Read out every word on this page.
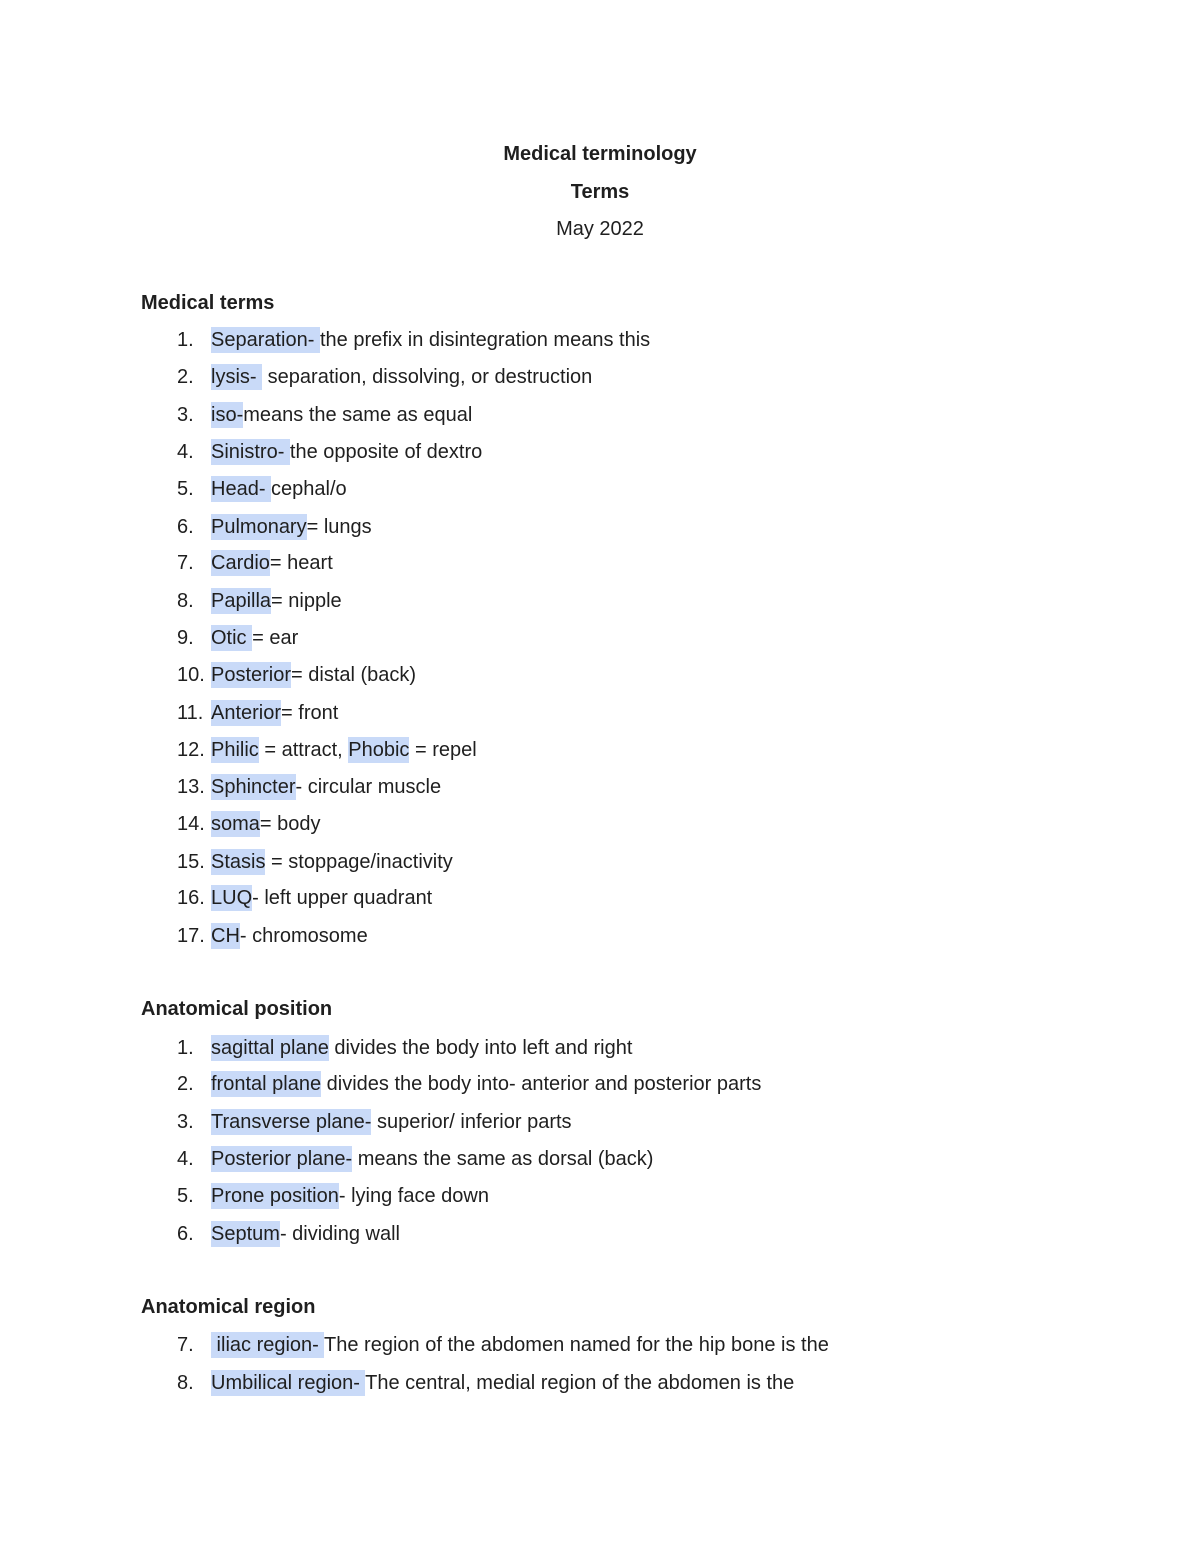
Medical terminology
Terms
May 2022
Medical terms
1. Separation- the prefix in disintegration means this
2. lysis-  separation, dissolving, or destruction
3. iso-means the same as equal
4. Sinistro- the opposite of dextro
5. Head- cephal/o
6. Pulmonary= lungs
7. Cardio= heart
8. Papilla= nipple
9. Otic = ear
10. Posterior= distal (back)
11. Anterior= front
12. Philic = attract, Phobic = repel
13. Sphincter- circular muscle
14. soma= body
15. Stasis = stoppage/inactivity
16. LUQ- left upper quadrant
17. CH- chromosome
Anatomical position
1. sagittal plane divides the body into left and right
2. frontal plane divides the body into- anterior and posterior parts
3. Transverse plane- superior/ inferior parts
4. Posterior plane- means the same as dorsal (back)
5. Prone position- lying face down
6. Septum- dividing wall
Anatomical region
7. iliac region- The region of the abdomen named for the hip bone is the
8. Umbilical region- The central, medial region of the abdomen is the
